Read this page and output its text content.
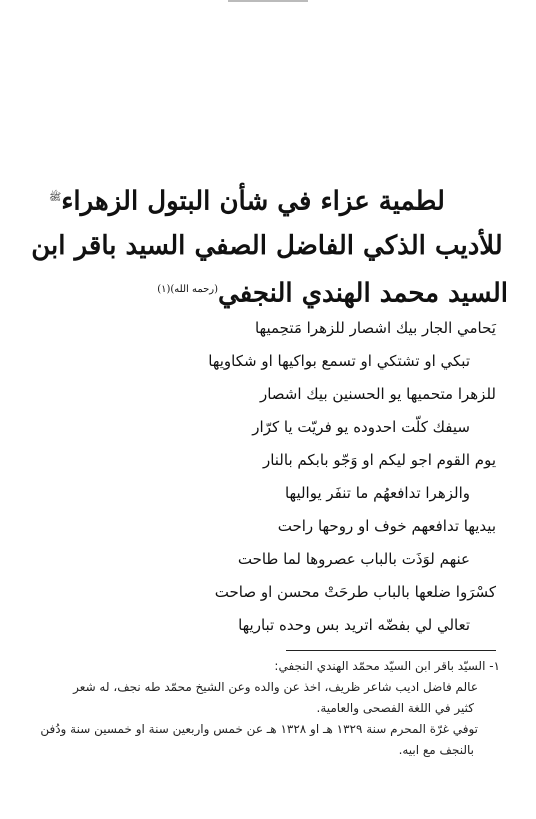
لطمية عزاء في شأن البتول الزهراء$^ﷺ$
للأديب الذكي الفاضل الصفي السيد باقر ابن
السيد محمد الهندي النجفي$^{(رحمه الله)(١)}$
يَحامي الجار بيك اشصار للزهرا مَتحِميها
تبكي او تشتكي او تسمع بواكيها او شكاويها
للزهرا متحميها يو الحسنين بيك اشصار
سيفك كلّت احدوده يو فريّت يا كرّار
يوم القوم اجو ليكم او وَجّو بابكم بالنار
والزهرا تدافعهُم ما تنفَر يواليها
بيديها تدافعهم خوف او روحها راحت
عنهم لوَذَت بالباب عصروها لما طاحت
كسْرَوا ضلعها بالباب طرحَتْ محسن او صاحت
تعالي لي بفضّه اتريد بس وحده تباريها
١- السيّد باقر ابن السيّد محمّد الهندي النجفي:
عالم فاضل اديب شاعر ظريف، اخذ عن والده وعن الشيخ محمّد طه نجف، له شعر
كثير في اللغة الفصحى والعامية.
توفي غرّة المحرم سنة ١٣٢٩ هـ او ١٣٢٨ هـ عن خمس واربعين سنة او خمسين سنة ودُفن
بالنجف مع ابيه.
